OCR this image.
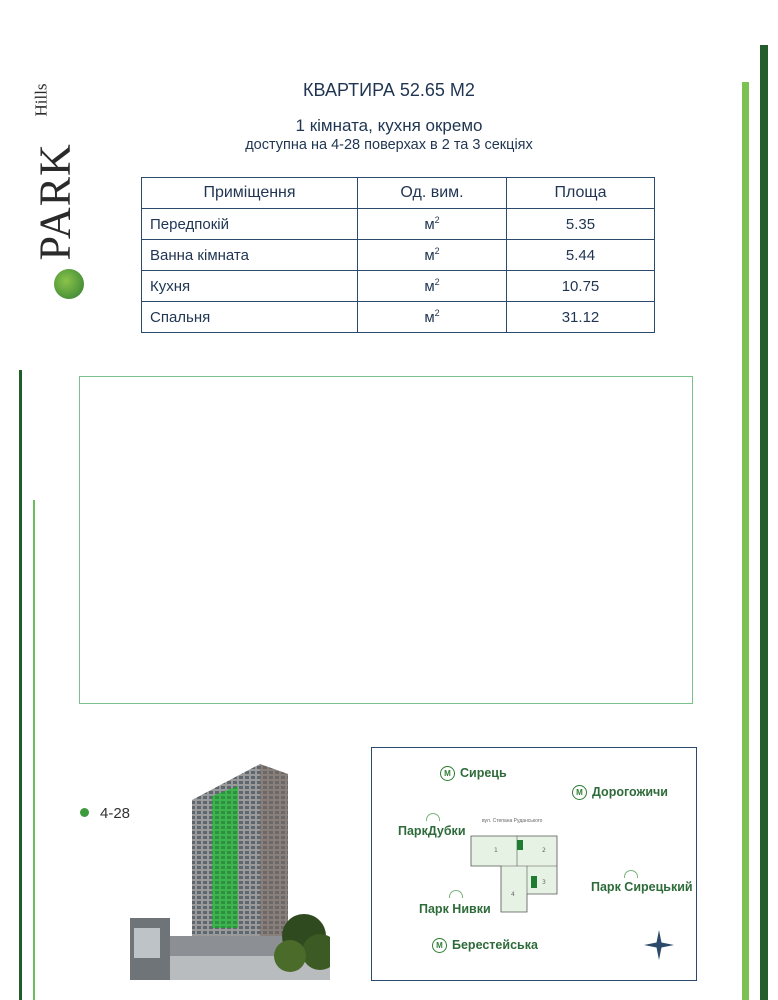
PARK
Hills	КВАРТИРА 52.65 М2
1 кімната, кухня окремо
доступна на 4-28 поверхах в 2 та 3 секціях
Приміщення	Од. вим.	Площа
Передпокій	$м^2$	5.35
Ванна кімната	$м^2$	5.44
Кухня	$м^2$	10.75
Спальня	$м^2$	31.12
4-28
M Сирець
M Дорогожичи
M Берестейська
ПаркДубки
Парк Нивки
Парк Сирецький
вул. Степана Руданського
1	2
3
4
